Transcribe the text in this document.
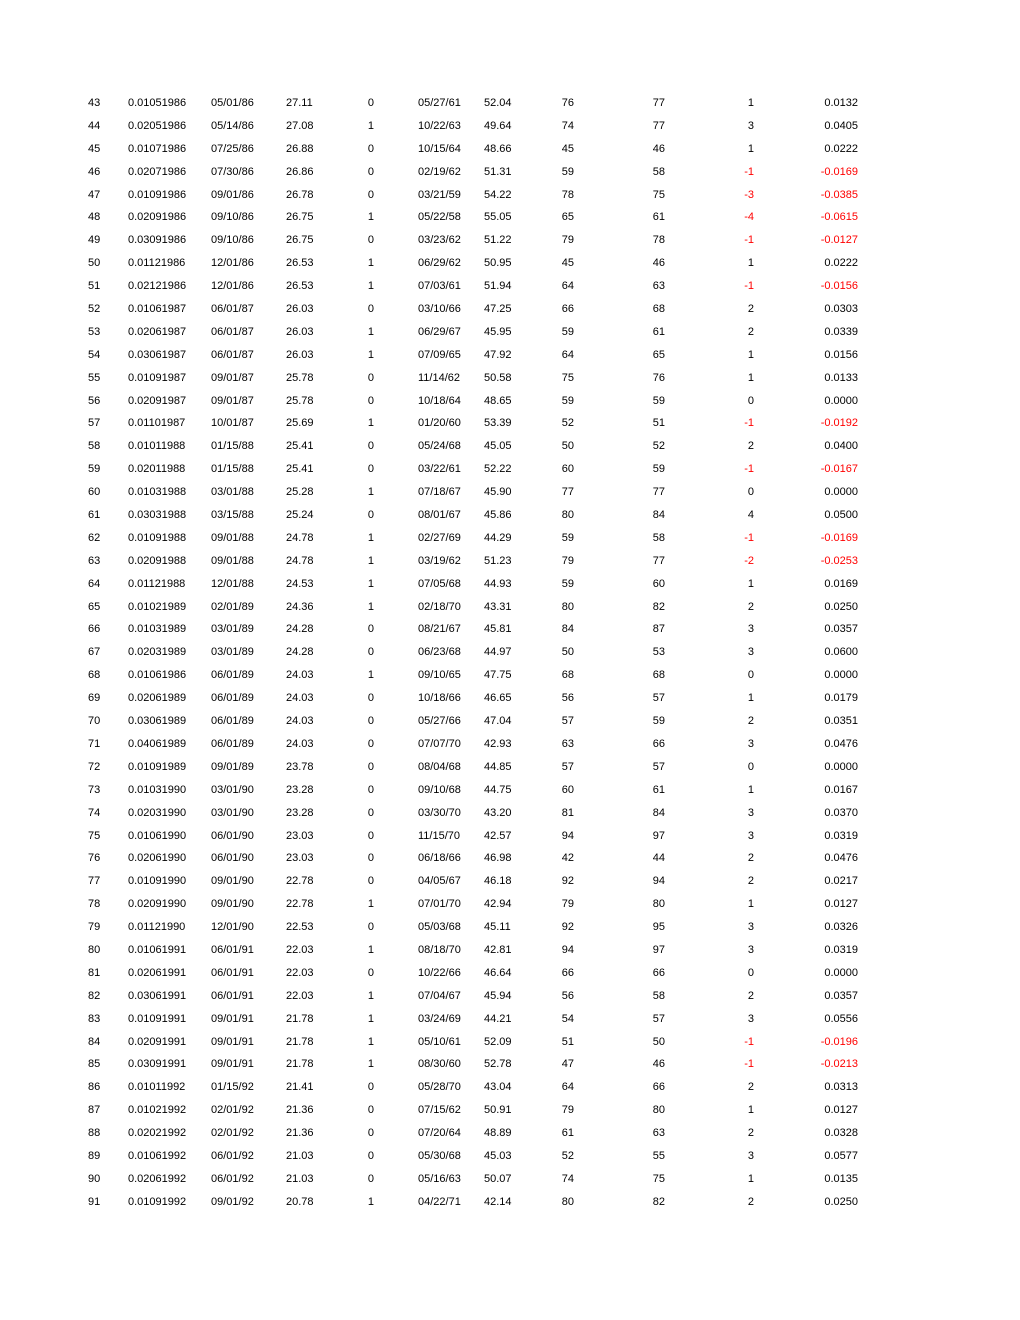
43	0.01051986 05/01/86	27.11	0	05/27/61 52.04	76	77	1	0.0132
44	0.02051986 05/14/86	27.08	1	10/22/63 49.64	74	77	3	0.0405
45	0.01071986 07/25/86	26.88	0	10/15/64 48.66	45	46	1	0.0222
46	0.02071986 07/30/86	26.86	0	02/19/62 51.31	59	58	-1	-0.0169
47	0.01091986 09/01/86	26.78	0	03/21/59 54.22	78	75	-3	-0.0385
48	0.02091986 09/10/86	26.75	1	05/22/58 55.05	65	61	-4	-0.0615
49	0.03091986 09/10/86	26.75	0	03/23/62 51.22	79	78	-1	-0.0127
50	0.01121986 12/01/86	26.53	1	06/29/62 50.95	45	46	1	0.0222
51	0.02121986 12/01/86	26.53	1	07/03/61 51.94	64	63	-1	-0.0156
52	0.01061987 06/01/87	26.03	0	03/10/66 47.25	66	68	2	0.0303
53	0.02061987 06/01/87	26.03	1	06/29/67 45.95	59	61	2	0.0339
54	0.03061987 06/01/87	26.03	1	07/09/65 47.92	64	65	1	0.0156
55	0.01091987 09/01/87	25.78	0	11/14/62 50.58	75	76	1	0.0133
56	0.02091987 09/01/87	25.78	0	10/18/64 48.65	59	59	0	0.0000
57	0.01101987 10/01/87	25.69	1	01/20/60 53.39	52	51	-1	-0.0192
58	0.01011988 01/15/88	25.41	0	05/24/68 45.05	50	52	2	0.0400
59	0.02011988 01/15/88	25.41	0	03/22/61 52.22	60	59	-1	-0.0167
60	0.01031988 03/01/88	25.28	1	07/18/67 45.90	77	77	0	0.0000
61	0.03031988 03/15/88	25.24	0	08/01/67 45.86	80	84	4	0.0500
62	0.01091988 09/01/88	24.78	1	02/27/69 44.29	59	58	-1	-0.0169
63	0.02091988 09/01/88	24.78	1	03/19/62 51.23	79	77	-2	-0.0253
64	0.01121988 12/01/88	24.53	1	07/05/68 44.93	59	60	1	0.0169
65	0.01021989 02/01/89	24.36	1	02/18/70 43.31	80	82	2	0.0250
66	0.01031989 03/01/89	24.28	0	08/21/67 45.81	84	87	3	0.0357
67	0.02031989 03/01/89	24.28	0	06/23/68 44.97	50	53	3	0.0600
68	0.01061986 06/01/89	24.03	1	09/10/65 47.75	68	68	0	0.0000
69	0.02061989 06/01/89	24.03	0	10/18/66 46.65	56	57	1	0.0179
70	0.03061989 06/01/89	24.03	0	05/27/66 47.04	57	59	2	0.0351
71	0.04061989 06/01/89	24.03	0	07/07/70 42.93	63	66	3	0.0476
72	0.01091989 09/01/89	23.78	0	08/04/68 44.85	57	57	0	0.0000
73	0.01031990 03/01/90	23.28	0	09/10/68 44.75	60	61	1	0.0167
74	0.02031990 03/01/90	23.28	0	03/30/70 43.20	81	84	3	0.0370
75	0.01061990 06/01/90	23.03	0	11/15/70 42.57	94	97	3	0.0319
76	0.02061990 06/01/90	23.03	0	06/18/66 46.98	42	44	2	0.0476
77	0.01091990 09/01/90	22.78	0	04/05/67 46.18	92	94	2	0.0217
78	0.02091990 09/01/90	22.78	1	07/01/70 42.94	79	80	1	0.0127
79	0.01121990 12/01/90	22.53	0	05/03/68 45.11	92	95	3	0.0326
80	0.01061991 06/01/91	22.03	1	08/18/70 42.81	94	97	3	0.0319
81	0.02061991 06/01/91	22.03	0	10/22/66 46.64	66	66	0	0.0000
82	0.03061991 06/01/91	22.03	1	07/04/67 45.94	56	58	2	0.0357
83	0.01091991 09/01/91	21.78	1	03/24/69 44.21	54	57	3	0.0556
84	0.02091991 09/01/91	21.78	1	05/10/61 52.09	51	50	-1	-0.0196
85	0.03091991 09/01/91	21.78	1	08/30/60 52.78	47	46	-1	-0.0213
86	0.01011992 01/15/92	21.41	0	05/28/70 43.04	64	66	2	0.0313
87	0.01021992 02/01/92	21.36	0	07/15/62 50.91	79	80	1	0.0127
88	0.02021992 02/01/92	21.36	0	07/20/64 48.89	61	63	2	0.0328
89	0.01061992 06/01/92	21.03	0	05/30/68 45.03	52	55	3	0.0577
90	0.02061992 06/01/92	21.03	0	05/16/63 50.07	74	75	1	0.0135
91	0.01091992 09/01/92	20.78	1	04/22/71 42.14	80	82	2	0.0250
